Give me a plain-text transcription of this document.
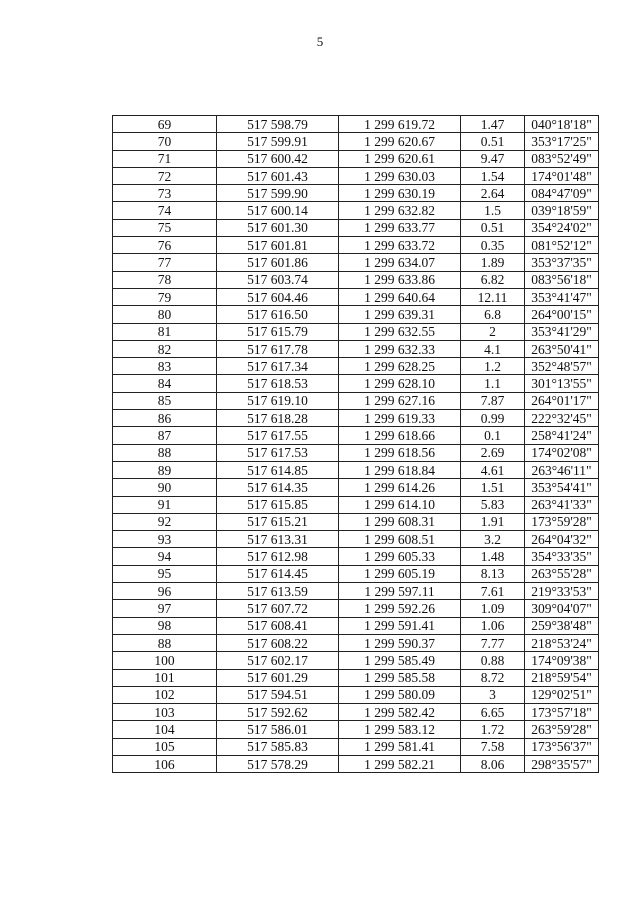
5
69	517 598.79	1 299 619.72	1.47	040°18'18"
70	517 599.91	1 299 620.67	0.51	353°17'25"
71	517 600.42	1 299 620.61	9.47	083°52'49"
72	517 601.43	1 299 630.03	1.54	174°01'48"
73	517 599.90	1 299 630.19	2.64	084°47'09"
74	517 600.14	1 299 632.82	1.5	039°18'59"
75	517 601.30	1 299 633.77	0.51	354°24'02"
76	517 601.81	1 299 633.72	0.35	081°52'12"
77	517 601.86	1 299 634.07	1.89	353°37'35"
78	517 603.74	1 299 633.86	6.82	083°56'18"
79	517 604.46	1 299 640.64	12.11	353°41'47"
80	517 616.50	1 299 639.31	6.8	264°00'15"
81	517 615.79	1 299 632.55	2	353°41'29"
82	517 617.78	1 299 632.33	4.1	263°50'41"
83	517 617.34	1 299 628.25	1.2	352°48'57"
84	517 618.53	1 299 628.10	1.1	301°13'55"
85	517 619.10	1 299 627.16	7.87	264°01'17"
86	517 618.28	1 299 619.33	0.99	222°32'45"
87	517 617.55	1 299 618.66	0.1	258°41'24"
88	517 617.53	1 299 618.56	2.69	174°02'08"
89	517 614.85	1 299 618.84	4.61	263°46'11"
90	517 614.35	1 299 614.26	1.51	353°54'41"
91	517 615.85	1 299 614.10	5.83	263°41'33"
92	517 615.21	1 299 608.31	1.91	173°59'28"
93	517 613.31	1 299 608.51	3.2	264°04'32"
94	517 612.98	1 299 605.33	1.48	354°33'35"
95	517 614.45	1 299 605.19	8.13	263°55'28"
96	517 613.59	1 299 597.11	7.61	219°33'53"
97	517 607.72	1 299 592.26	1.09	309°04'07"
98	517 608.41	1 299 591.41	1.06	259°38'48"
88	517 608.22	1 299 590.37	7.77	218°53'24"
100	517 602.17	1 299 585.49	0.88	174°09'38"
101	517 601.29	1 299 585.58	8.72	218°59'54"
102	517 594.51	1 299 580.09	3	129°02'51"
103	517 592.62	1 299 582.42	6.65	173°57'18"
104	517 586.01	1 299 583.12	1.72	263°59'28"
105	517 585.83	1 299 581.41	7.58	173°56'37"
106	517 578.29	1 299 582.21	8.06	298°35'57"
